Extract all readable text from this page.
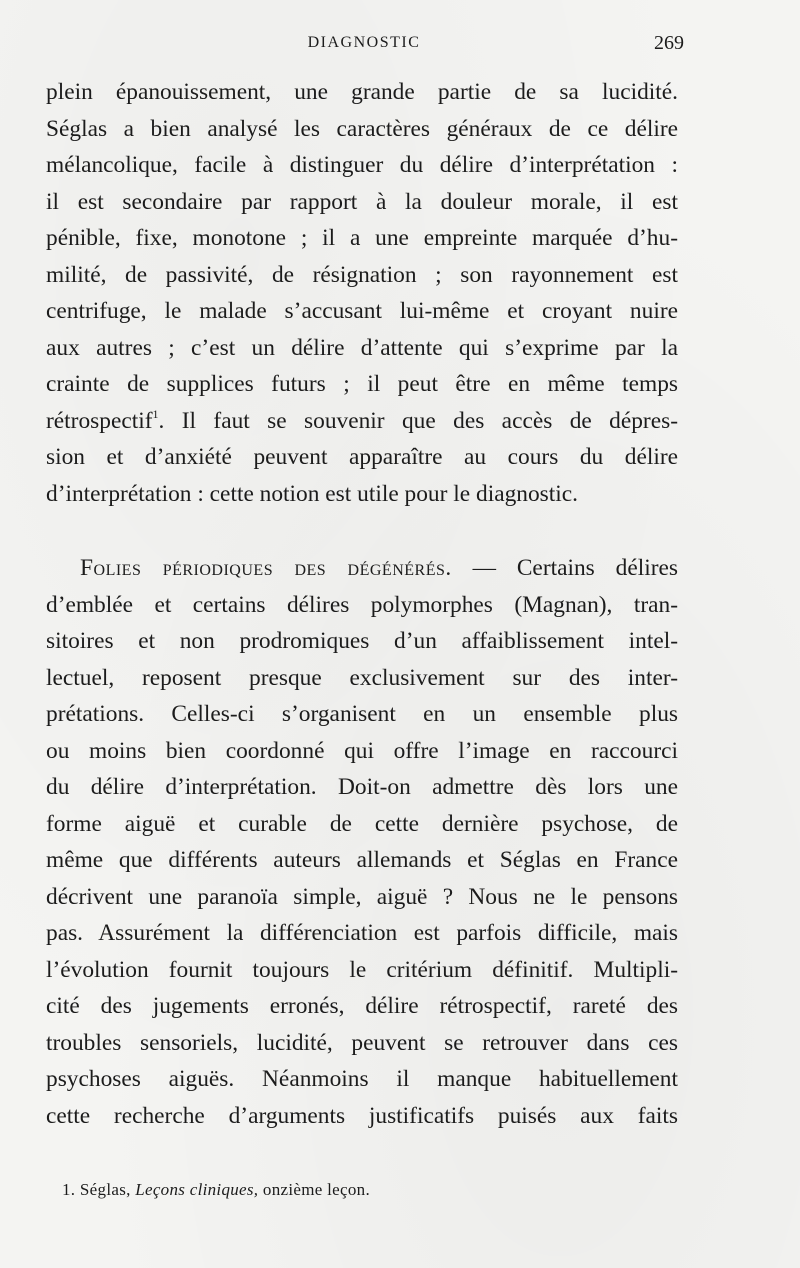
DIAGNOSTIC	269
plein épanouissement, une grande partie de sa lucidité.
Séglas a bien analysé les caractères généraux de ce délire
mélancolique, facile à distinguer du délire d’interprétation :
il est secondaire par rapport à la douleur morale, il est
pénible, fixe, monotone ; il a une empreinte marquée d’hu-
milité, de passivité, de résignation ; son rayonnement est
centrifuge, le malade s’accusant lui-même et croyant nuire
aux autres ; c’est un délire d’attente qui s’exprime par la
crainte de supplices futurs ; il peut être en même temps
rétrospectif$^1$. Il faut se souvenir que des accès de dépres-
sion et d’anxiété peuvent apparaître au cours du délire
d’interprétation : cette notion est utile pour le diagnostic.
Folies périodiques des dégénérés. — Certains délires
d’emblée et certains délires polymorphes (Magnan), tran-
sitoires et non prodromiques d’un affaiblissement intel-
lectuel, reposent presque exclusivement sur des inter-
prétations. Celles-ci s’organisent en un ensemble plus
ou moins bien coordonné qui offre l’image en raccourci
du délire d’interprétation. Doit-on admettre dès lors une
forme aiguë et curable de cette dernière psychose, de
même que différents auteurs allemands et Séglas en France
décrivent une paranoïa simple, aiguë ? Nous ne le pensons
pas. Assurément la différenciation est parfois difficile, mais
l’évolution fournit toujours le critérium définitif. Multipli-
cité des jugements erronés, délire rétrospectif, rareté des
troubles sensoriels, lucidité, peuvent se retrouver dans ces
psychoses aiguës. Néanmoins il manque habituellement
cette recherche d’arguments justificatifs puisés aux faits
1. Séglas, Leçons cliniques, onzième leçon.
